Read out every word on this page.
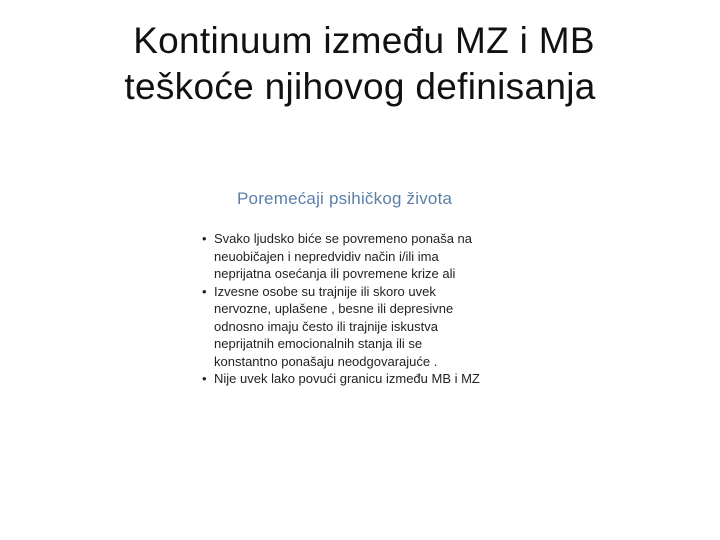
Kontinuum između MZ i MB
teškoće njihovog definisanja
Poremećaji psihičkog života
• Svako ljudsko biće se povremeno ponaša na
neuobičajen i nepredvidiv način i/ili ima
neprijatna osećanja ili povremene krize ali
• Izvesne osobe su trajnije ili skoro uvek
nervozne, uplašene , besne ili depresivne
odnosno imaju često ili trajnije iskustva
neprijatnih emocionalnih stanja ili se
konstantno ponašaju neodgovarajuće .
• Nije uvek lako povući granicu između MB i MZ
